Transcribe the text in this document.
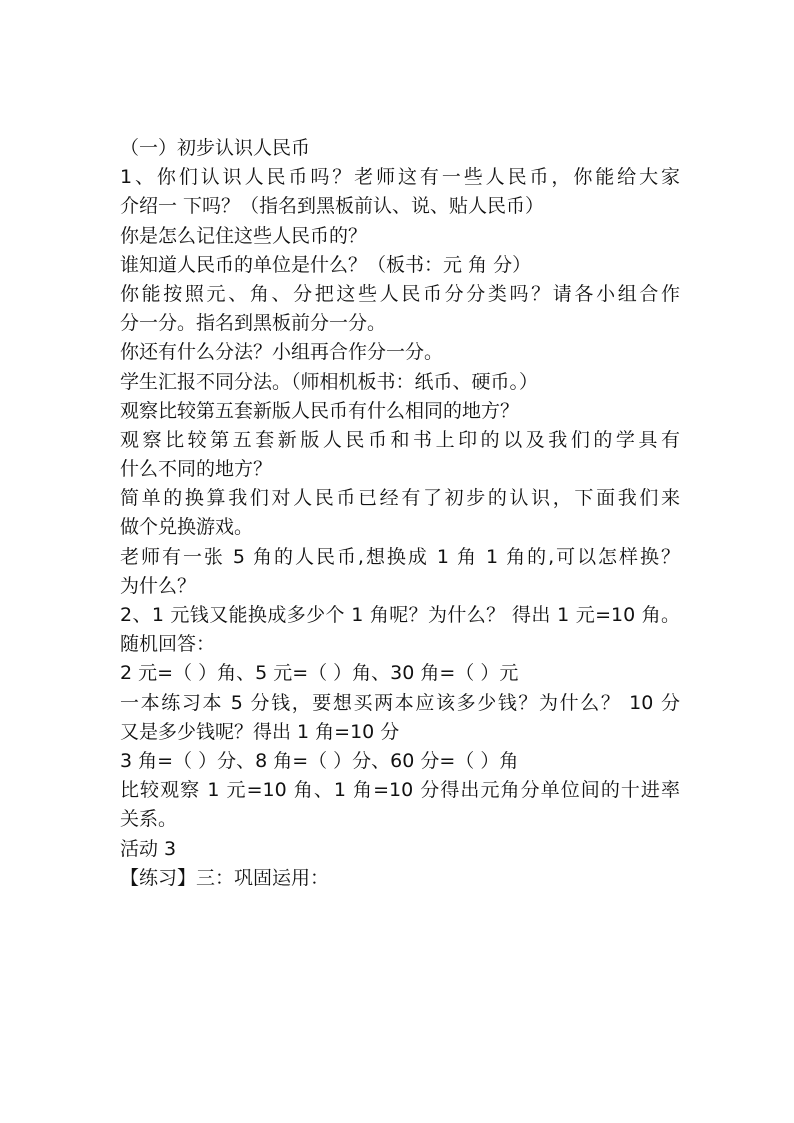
（一）初步认识人民币
1、你们认识人民币吗？老师这有一些人民币，你能给大家
介绍一 下吗？（指名到黑板前认、说、贴人民币）
你是怎么记住这些人民币的？
谁知道人民币的单位是什么？（板书：元 角 分）
你能按照元、角、分把这些人民币分分类吗？请各小组合作
分一分。指名到黑板前分一分。
你还有什么分法？小组再合作分一分。
学生汇报不同分法。（师相机板书：纸币、硬币。）
观察比较第五套新版人民币有什么相同的地方？
观察比较第五套新版人民币和书上印的以及我们的学具有
什么不同的地方？
简单的换算我们对人民币已经有了初步的认识，下面我们来
做个兑换游戏。
老师有一张 5 角的人民币,想换成 1 角 1 角的,可以怎样换？
为什么？
2、1 元钱又能换成多少个 1 角呢？为什么？ 得出 1 元=10 角。
随机回答：
2 元=（ ）角、5 元=（ ）角、30 角=（ ）元
一本练习本 5 分钱，要想买两本应该多少钱？为什么？ 10 分
又是多少钱呢？得出 1 角=10 分
3 角=（ ）分、8 角=（ ）分、60 分=（ ）角
比较观察 1 元=10 角、1 角=10 分得出元角分单位间的十进率
关系。
活动 3
【练习】三：巩固运用：
